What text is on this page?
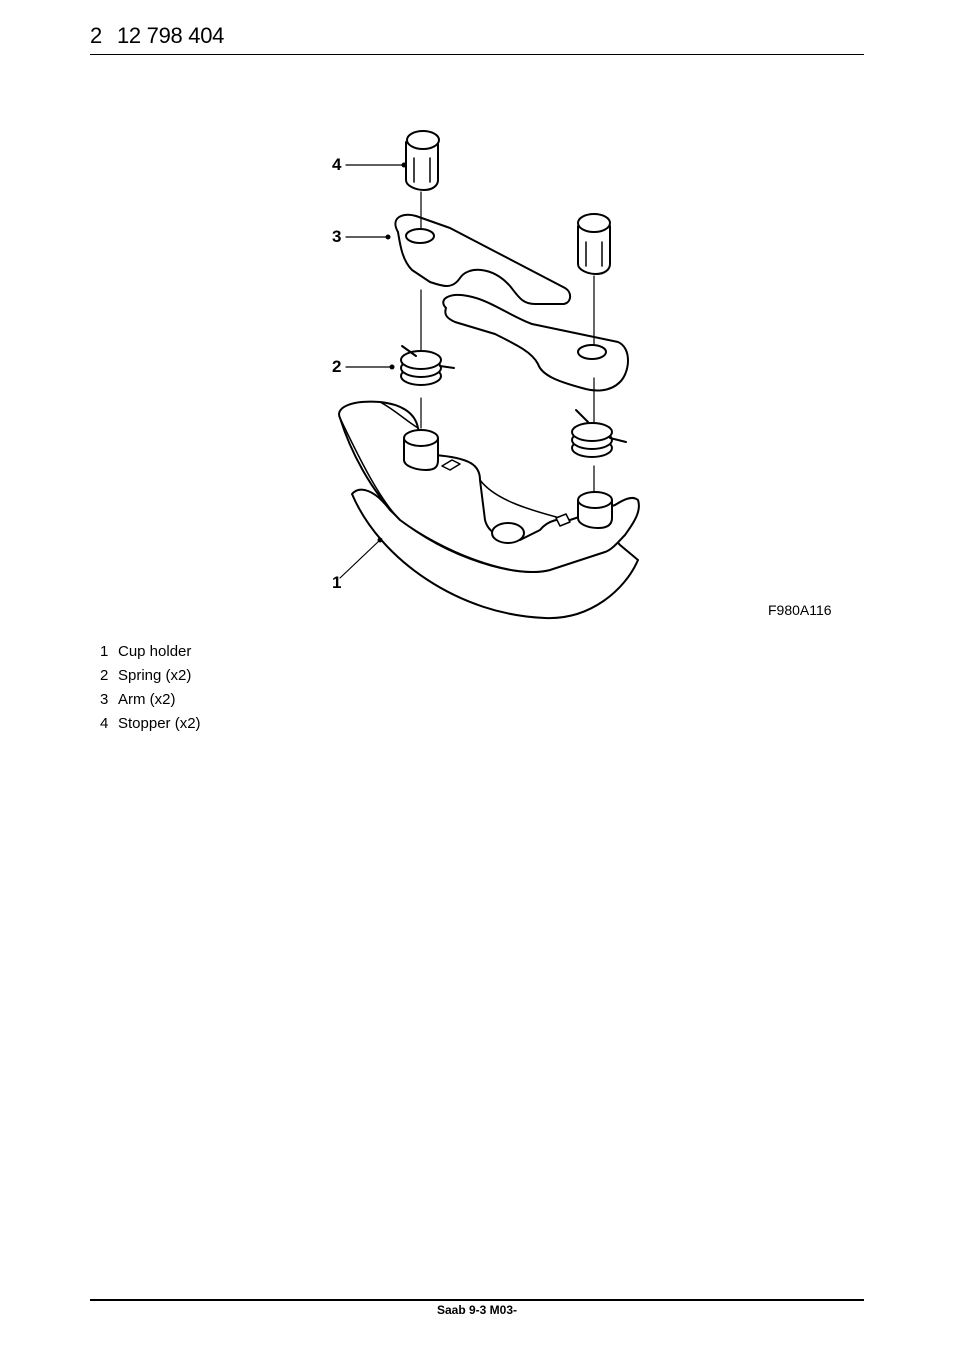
2 12 798 404
4
3
2
1
F980A116
1 Cup holder
2 Spring (x2)
3 Arm (x2)
4 Stopper (x2)
Saab 9-3 M03-
